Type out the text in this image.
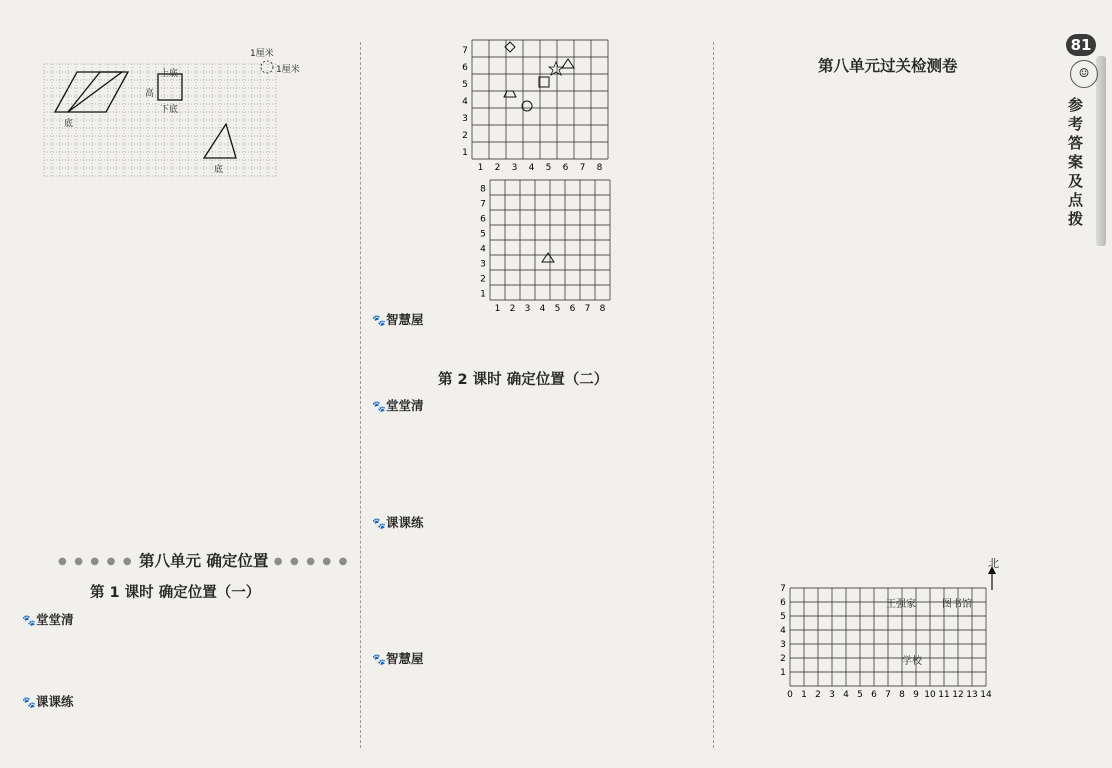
1厘米
1厘米
上底
高
下底
底
底
● ● ● ● ● 第八单元 确定位置 ● ● ● ● ●
第 1 课时 确定位置（一）
🐾堂堂清
🐾课课练
7
6
5
4
3
2
1
1 2 3 4 5 6 7 8
8
7
6
5
4
3
2
1
1 2 3 4 5 6 7 8
🐾智慧屋
第 2 课时 确定位置（二）
🐾堂堂清
🐾课课练
🐾智慧屋
第八单元过关检测卷
7
6
5
4
3
2
1
0 1 2 3 4 5 6 7 8 9 10 11 12 13 14
北
王强家	图书馆
学校
81
☺
参考答案及点拨
